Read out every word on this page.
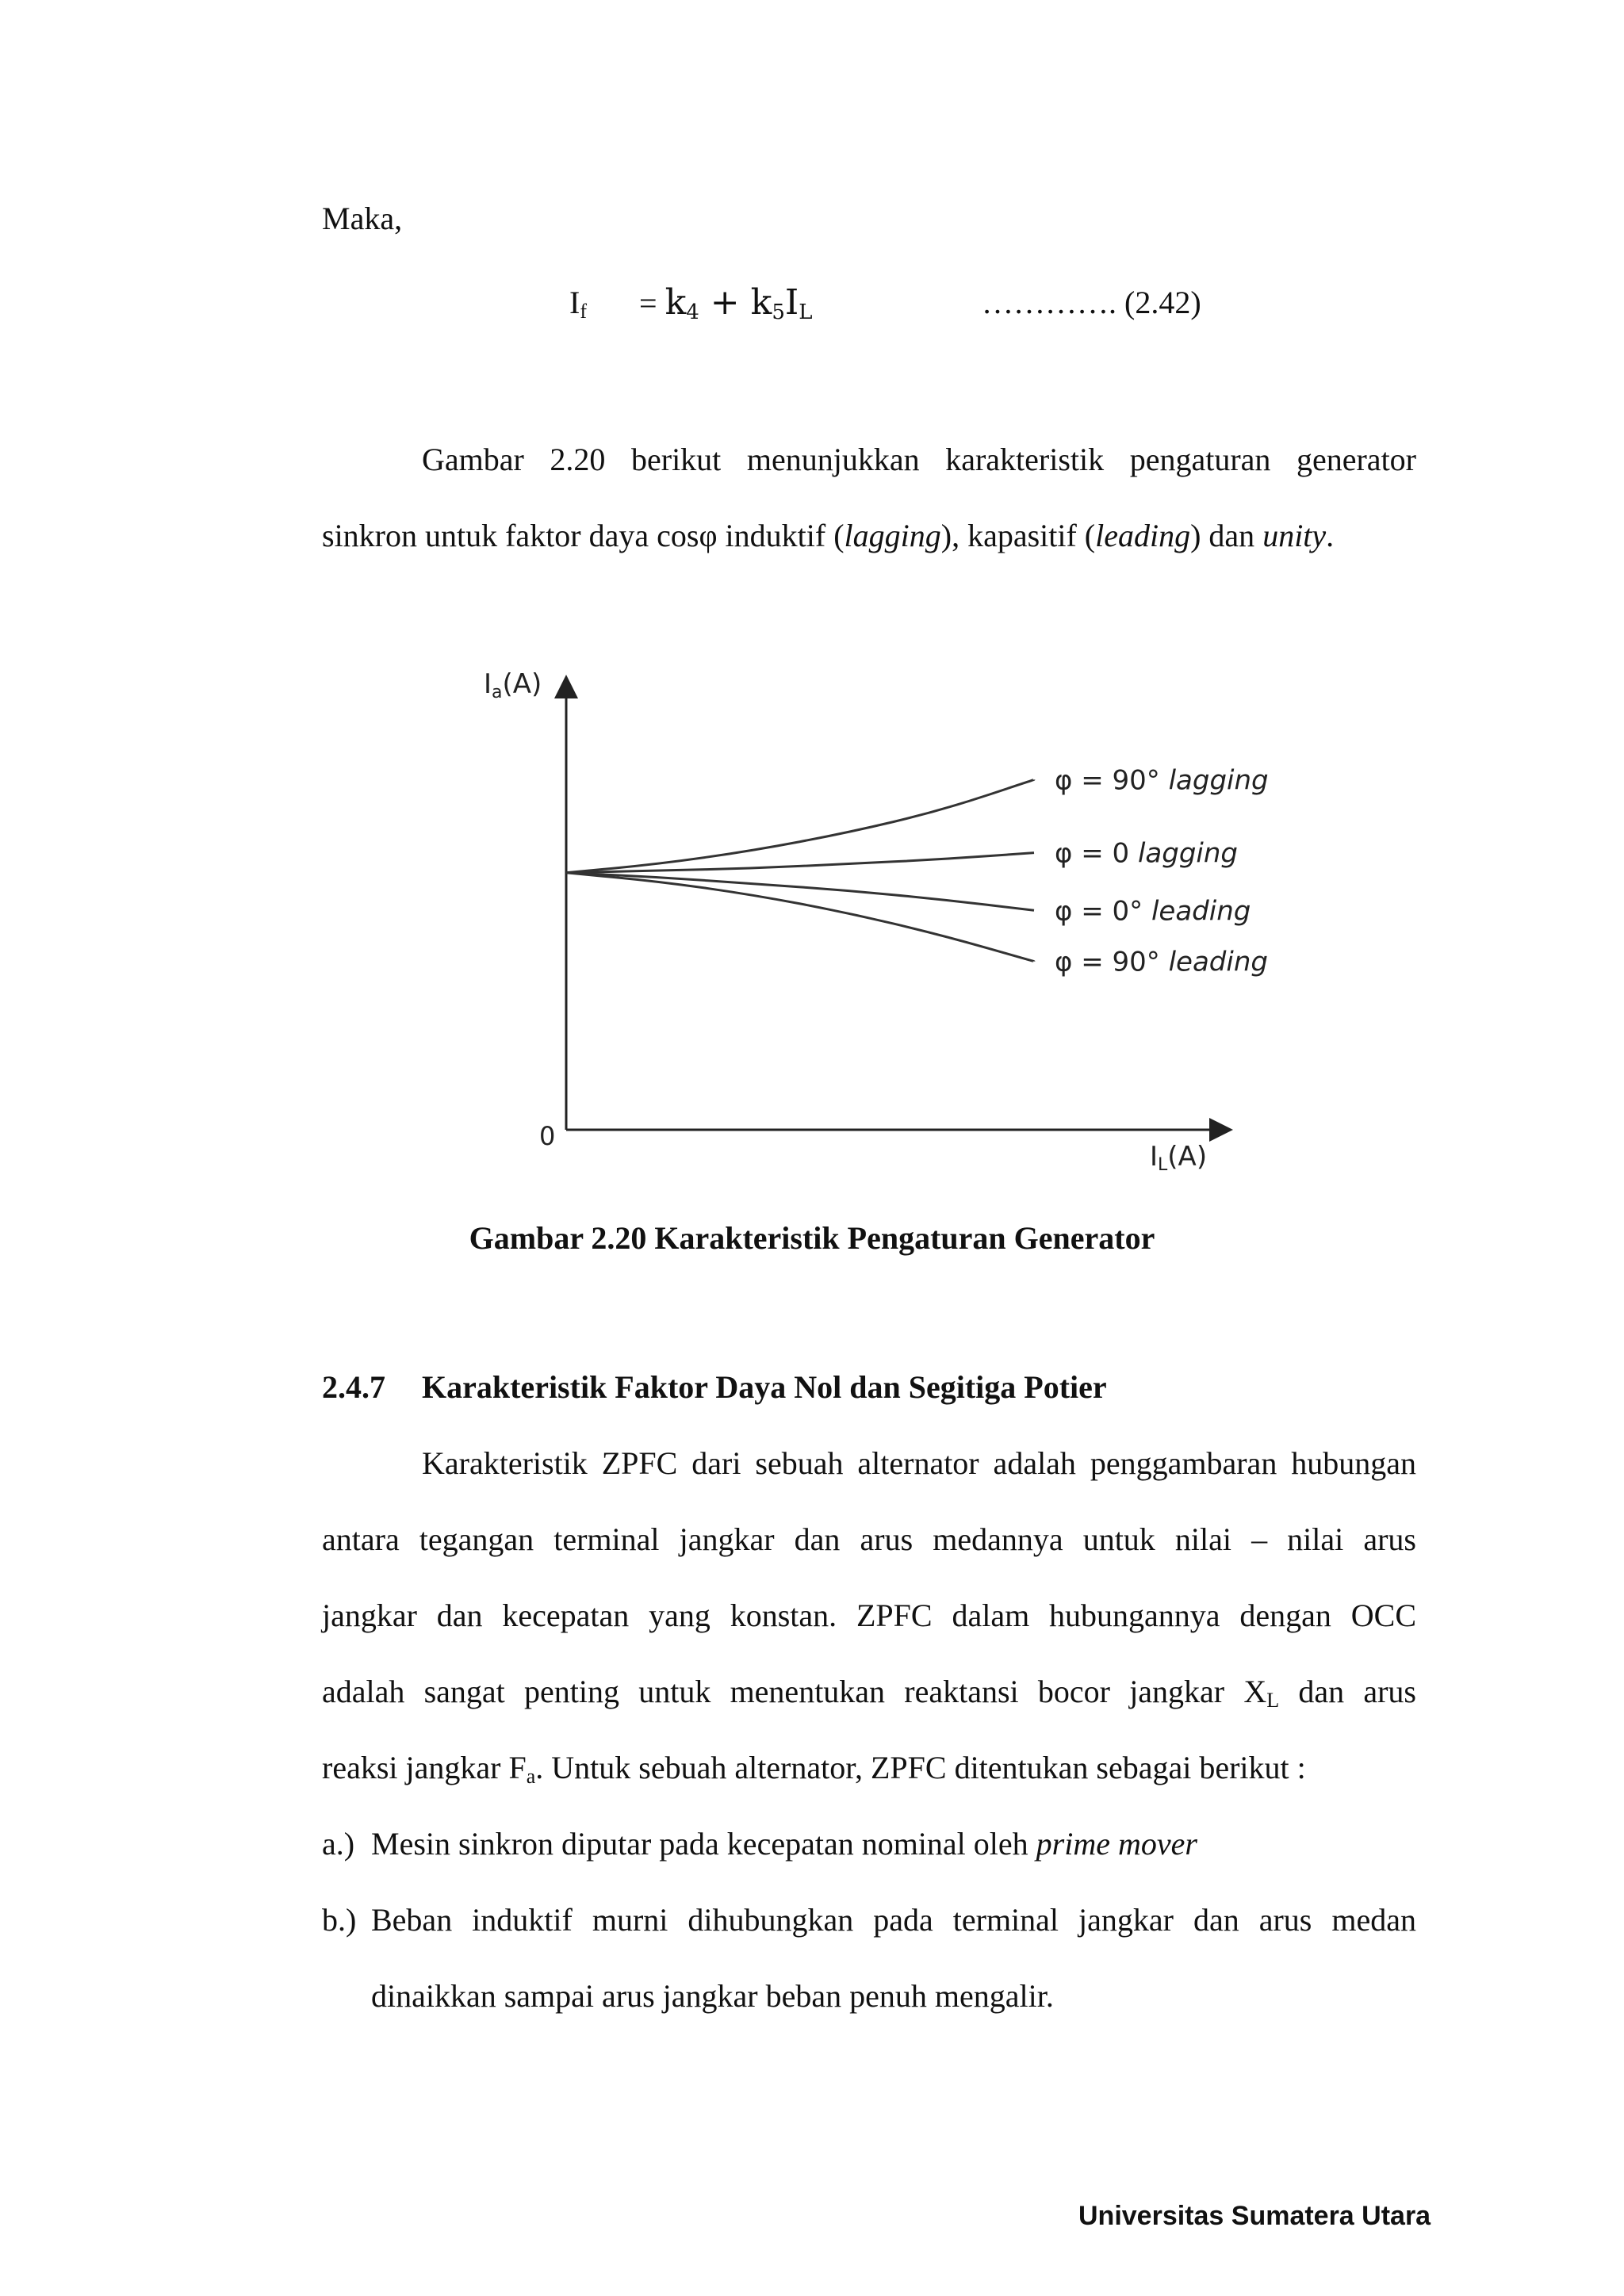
Maka,
$I_f = k_4 + k_5I_L$	…………. (2.42)
Gambar 2.20 berikut menunjukkan karakteristik pengaturan generator
sinkron untuk faktor daya cosφ induktif (lagging), kapasitif (leading) dan unity.
Ia(A)
IL(A)
0
φ = 90° lagging
φ = 0 lagging
φ = 0° leading
φ = 90° leading
Gambar 2.20 Karakteristik Pengaturan Generator
2.4.7 Karakteristik Faktor Daya Nol dan Segitiga Potier
Karakteristik ZPFC dari sebuah alternator adalah penggambaran hubungan
antara tegangan terminal jangkar dan arus medannya untuk nilai – nilai arus
jangkar dan kecepatan yang konstan. ZPFC dalam hubungannya dengan OCC
adalah sangat penting untuk menentukan reaktansi bocor jangkar $X_L$ dan arus
reaksi jangkar $F_a$. Untuk sebuah alternator, ZPFC ditentukan sebagai berikut :
a.) Mesin sinkron diputar pada kecepatan nominal oleh prime mover
b.) Beban induktif murni dihubungkan pada terminal jangkar dan arus medan
dinaikkan sampai arus jangkar beban penuh mengalir.
Universitas Sumatera Utara
